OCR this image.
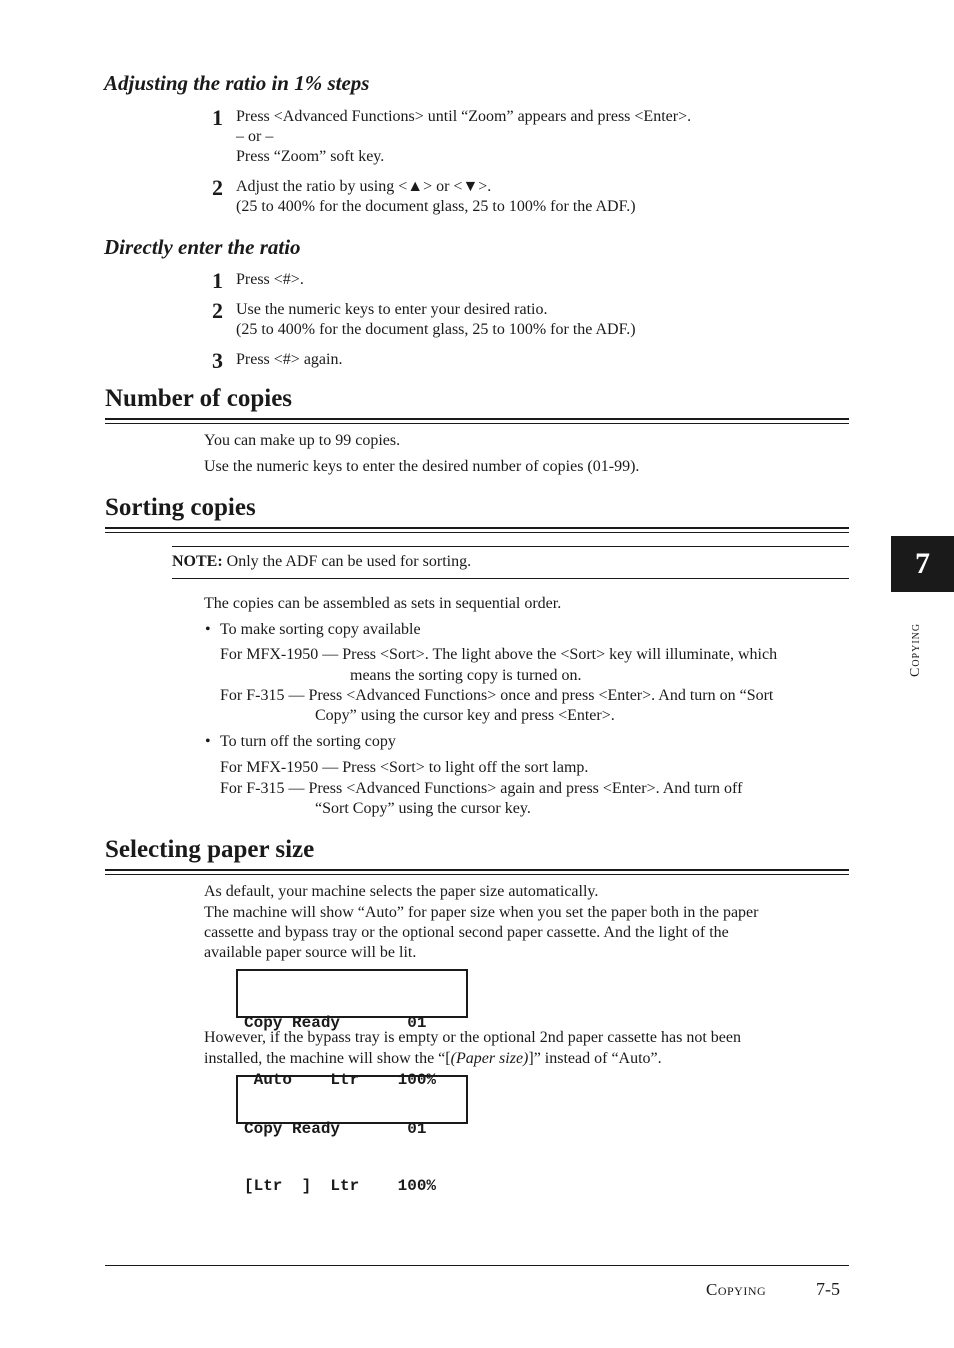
Adjusting the ratio in 1% steps
1 Press <Advanced Functions> until “Zoom” appears and press <Enter>.
– or –
Press “Zoom” soft key.
2 Adjust the ratio by using <▲> or <▼>.
(25 to 400% for the document glass, 25 to 100% for the ADF.)
Directly enter the ratio
1 Press <#>.
2 Use the numeric keys to enter your desired ratio.
(25 to 400% for the document glass, 25 to 100% for the ADF.)
3 Press <#> again.
Number of copies
You can make up to 99 copies.
Use the numeric keys to enter the desired number of copies (01-99).
Sorting copies
NOTE: Only the ADF can be used for sorting.
The copies can be assembled as sets in sequential order.
• To make sorting copy available
For MFX-1950 — Press <Sort>. The light above the <Sort> key will illuminate, which
means the sorting copy is turned on.
For F-315 — Press <Advanced Functions> once and press <Enter>. And turn on “Sort
Copy” using the cursor key and press <Enter>.
• To turn off the sorting copy
For MFX-1950 — Press <Sort> to light off the sort lamp.
For F-315 — Press <Advanced Functions> again and press <Enter>. And turn off
“Sort Copy” using the cursor key.
Selecting paper size
As default, your machine selects the paper size automatically.
The machine will show “Auto” for paper size when you set the paper both in the paper
cassette and bypass tray or the optional second paper cassette. And the light of the
available paper source will be lit.

Copy Ready       01

Auto    Ltr    100%

However, if the bypass tray is empty or the optional 2nd paper cassette has not been
installed, the machine will show the “[(Paper size)]” instead of “Auto”.

Copy Ready       01

[Ltr  ]  Ltr    100%

7
Copying
Copying	7-5
